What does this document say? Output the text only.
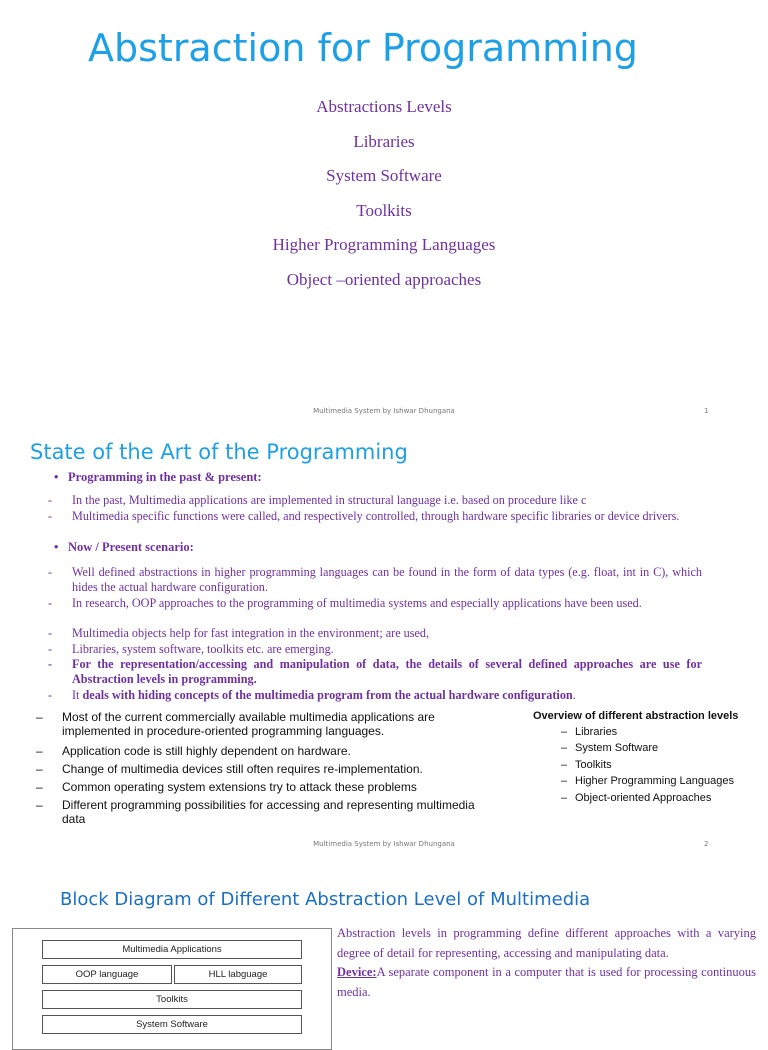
Abstraction for Programming
Abstractions Levels
Libraries
System Software
Toolkits
Higher Programming Languages
Object –oriented approaches
Multimedia System by Ishwar Dhungana	1
State of the Art of the Programming
• Programming in the past & present:
- In the past, Multimedia applications are implemented in structural language i.e. based on procedure like c
- Multimedia specific functions were called, and respectively controlled, through hardware specific libraries or device drivers.
• Now / Present scenario:
- Well defined abstractions in higher programming languages can be found in the form of data types (e.g. float, int in C), which hides the actual hardware configuration.
- In research, OOP approaches to the programming of multimedia systems and especially applications have been used.
- Multimedia objects help for fast integration in the environment; are used,
- Libraries, system software, toolkits etc. are emerging.
- For the representation/accessing and manipulation of data, the details of several defined approaches are use for Abstraction levels in programming.
- It deals with hiding concepts of the multimedia program from the actual hardware configuration.
– Most of the current commercially available multimedia applications are implemented in procedure-oriented programming languages.
– Application code is still highly dependent on hardware.
– Change of multimedia devices still often requires re-implementation.
– Common operating system extensions try to attack these problems
– Different programming possibilities for accessing and representing multimedia data
Overview of different abstraction levels
– Libraries
– System Software
– Toolkits
– Higher Programming Languages
– Object-oriented Approaches
Multimedia System by Ishwar Dhungana	2
Block Diagram of Different Abstraction Level of Multimedia
Multimedia Applications
OOP language	HLL labguage
Toolkits
System Software
Abstraction levels in programming define different approaches with a varying degree of detail for representing, accessing and manipulating data.
Device:A separate component in a computer that is used for processing continuous media.
